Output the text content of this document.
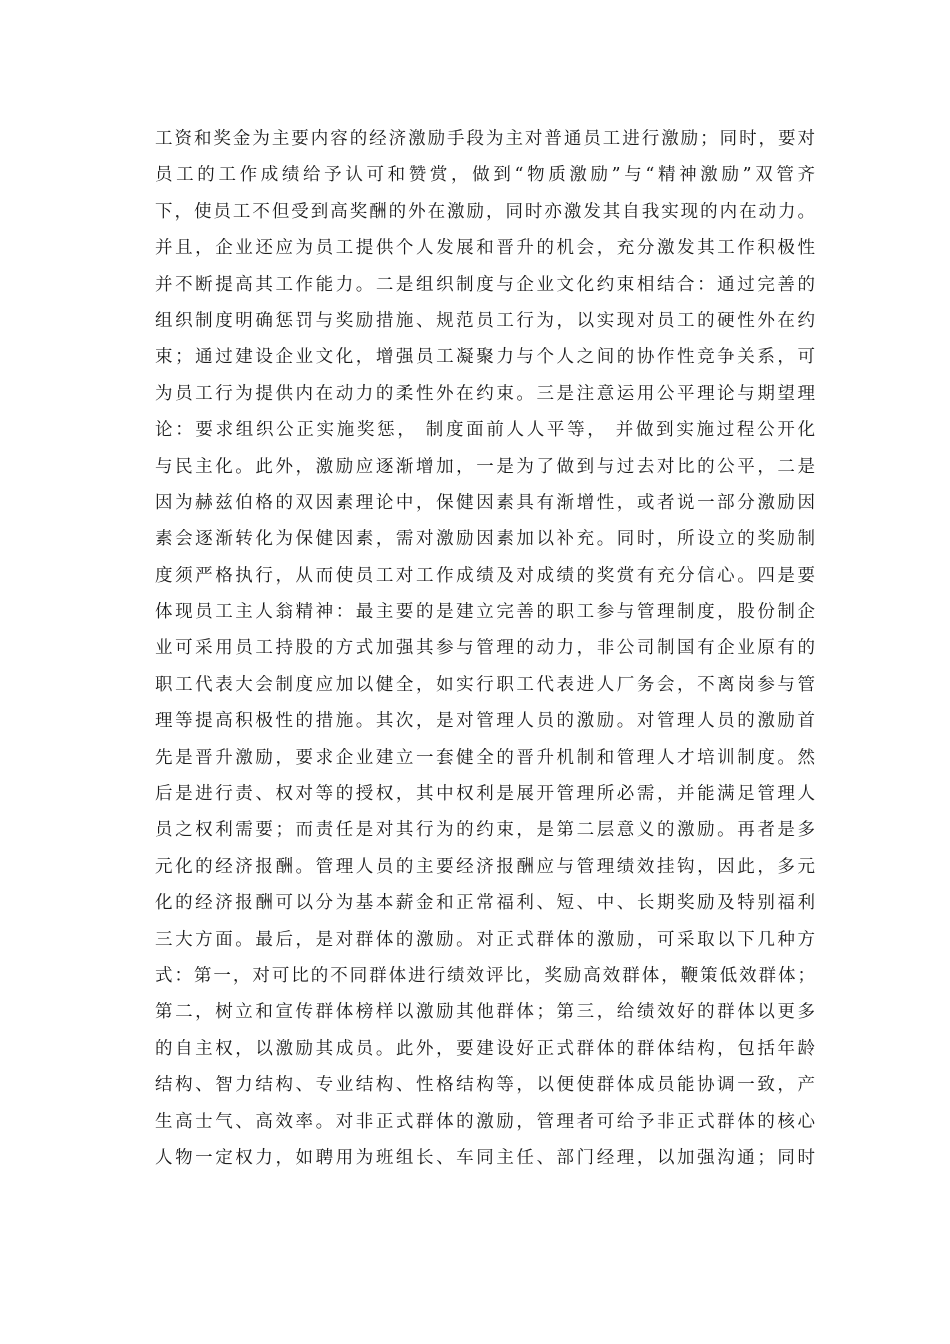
工资和奖金为主要内容的经济激励手段为主对普通员工进行激励；同时，要对
员工的工作成绩给予认可和赞赏，做到“物质激励”与“精神激励”双管齐
下，使员工不但受到高奖酬的外在激励，同时亦激发其自我实现的内在动力。
并且，企业还应为员工提供个人发展和晋升的机会，充分激发其工作积极性
并不断提高其工作能力。二是组织制度与企业文化约束相结合：通过完善的
组织制度明确惩罚与奖励措施、规范员工行为，以实现对员工的硬性外在约
束；通过建设企业文化，增强员工凝聚力与个人之间的协作性竞争关系，可
为员工行为提供内在动力的柔性外在约束。三是注意运用公平理论与期望理
论：要求组织公正实施奖惩， 制度面前人人平等， 并做到实施过程公开化
与民主化。此外，激励应逐渐增加，一是为了做到与过去对比的公平，二是
因为赫兹伯格的双因素理论中，保健因素具有渐增性，或者说一部分激励因
素会逐渐转化为保健因素，需对激励因素加以补充。同时，所设立的奖励制
度须严格执行，从而使员工对工作成绩及对成绩的奖赏有充分信心。四是要
体现员工主人翁精神：最主要的是建立完善的职工参与管理制度，股份制企
业可采用员工持股的方式加强其参与管理的动力，非公司制国有企业原有的
职工代表大会制度应加以健全，如实行职工代表进人厂务会，不离岗参与管
理等提高积极性的措施。其次，是对管理人员的激励。对管理人员的激励首
先是晋升激励，要求企业建立一套健全的晋升机制和管理人才培训制度。然
后是进行责、权对等的授权，其中权利是展开管理所必需，并能满足管理人
员之权利需要；而责任是对其行为的约束，是第二层意义的激励。再者是多
元化的经济报酬。管理人员的主要经济报酬应与管理绩效挂钩，因此，多元
化的经济报酬可以分为基本薪金和正常福利、短、中、长期奖励及特别福利
三大方面。最后，是对群体的激励。对正式群体的激励，可采取以下几种方
式：第一，对可比的不同群体进行绩效评比，奖励高效群体，鞭策低效群体；
第二，树立和宣传群体榜样以激励其他群体；第三，给绩效好的群体以更多
的自主权，以激励其成员。此外，要建设好正式群体的群体结构，包括年龄
结构、智力结构、专业结构、性格结构等，以便使群体成员能协调一致，产
生高士气、高效率。对非正式群体的激励，管理者可给予非正式群体的核心
人物一定权力，如聘用为班组长、车同主任、部门经理，以加强沟通；同时
